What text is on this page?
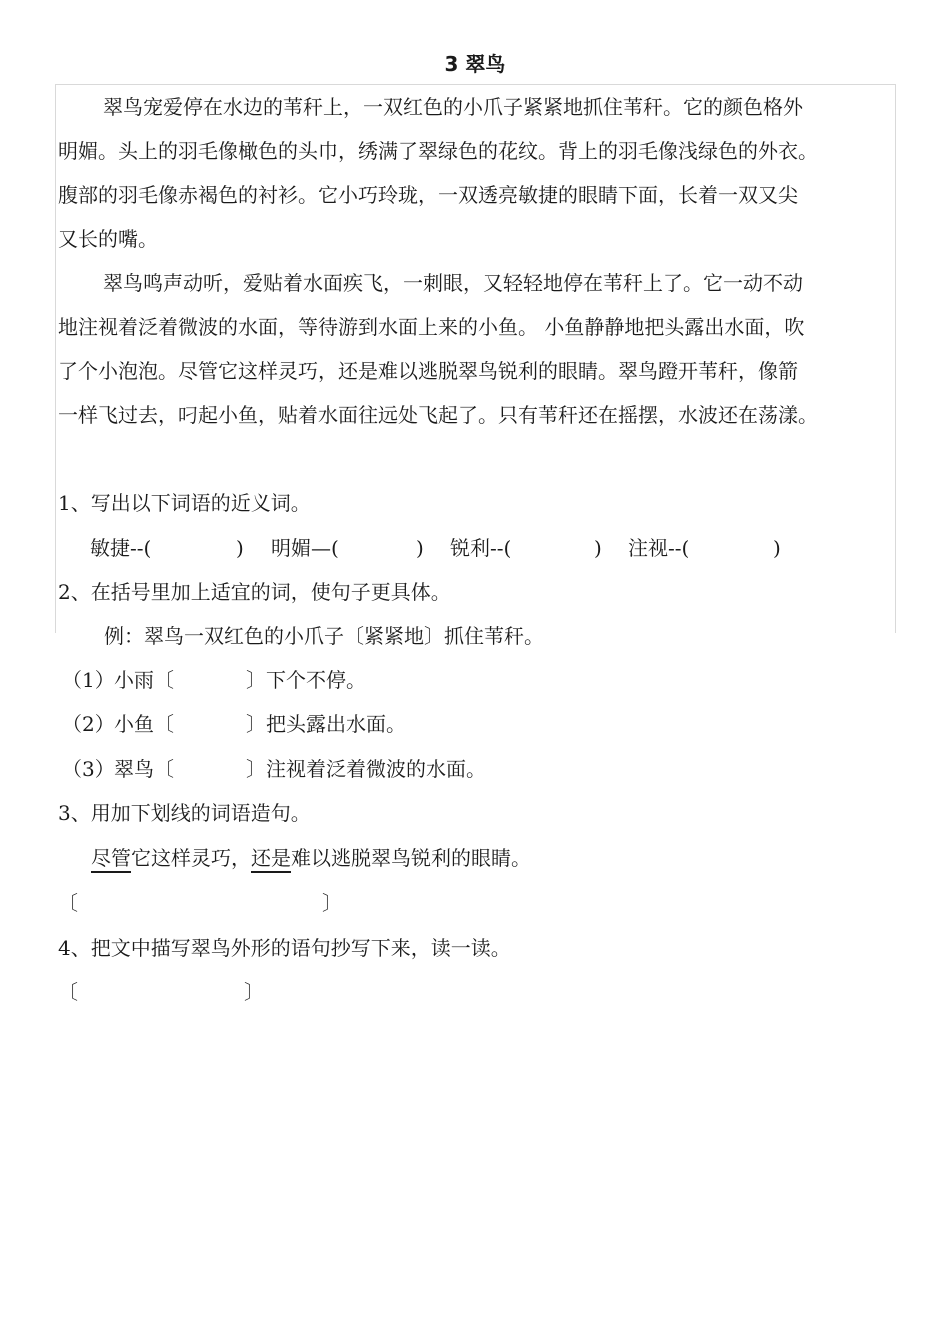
3 翠鸟
翠鸟宠爱停在水边的苇秆上，一双红色的小爪子紧紧地抓住苇秆。它的颜色格外
明媚。头上的羽毛像橄色的头巾，绣满了翠绿色的花纹。背上的羽毛像浅绿色的外衣。
腹部的羽毛像赤褐色的衬衫。它小巧玲珑，一双透亮敏捷的眼睛下面，长着一双又尖
又长的嘴。
翠鸟鸣声动听，爱贴着水面疾飞，一刺眼，又轻轻地停在苇秆上了。它一动不动
地注视着泛着微波的水面，等待游到水面上来的小鱼。 小鱼静静地把头露出水面，吹
了个小泡泡。尽管它这样灵巧，还是难以逃脱翠鸟锐利的眼睛。翠鸟蹬开苇秆，像箭
一样飞过去，叼起小鱼，贴着水面往远处飞起了。只有苇秆还在摇摆，水波还在荡漾。
1、写出以下词语的近义词。
敏捷--(	) 明媚—(	) 锐利--(	) 注视--(	)
2、在括号里加上适宜的词，使句子更具体。
例：翠鸟一双红色的小爪子〔紧紧地〕抓住苇秆。
（1） 小雨〔	〕下个不停。
（2） 小鱼〔	〕把头露出水面。
（3） 翠鸟〔	〕注视着泛着微波的水面。
3、用加下划线的词语造句。
尽管它这样灵巧，还是难以逃脱翠鸟锐利的眼睛。
〔	〕
4、把文中描写翠鸟外形的语句抄写下来，读一读。
〔	〕
